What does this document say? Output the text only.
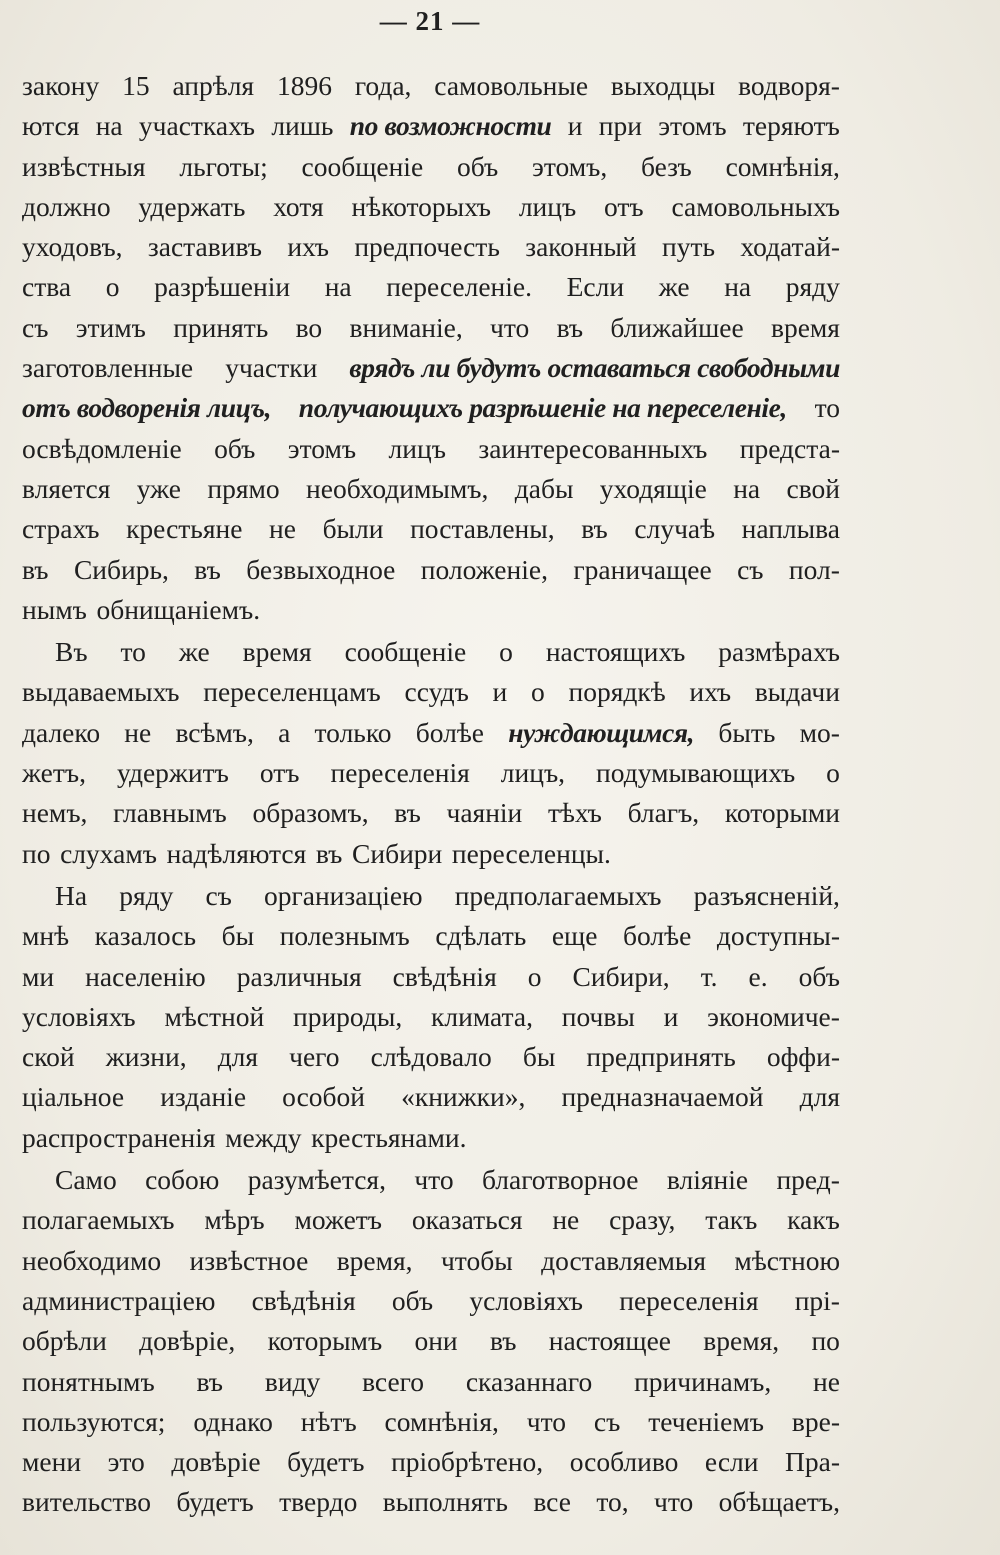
— 21 —
закону 15 апрѣля 1896 года, самовольные выходцы водворя-
ются на участкахъ лишь по возможности и при этомъ теряютъ
извѣстныя льготы; сообщеніе объ этомъ, безъ сомнѣнія,
должно удержать хотя нѣкоторыхъ лицъ отъ самовольныхъ
уходовъ, заставивъ ихъ предпочесть законный путь ходатай-
ства о разрѣшеніи на переселеніе. Если же на ряду
съ этимъ принять во вниманіе, что въ ближайшее время
заготовленные участки врядъ ли будутъ оставаться свободными
отъ водворенія лицъ, получающихъ разрѣшеніе на переселеніе, то
освѣдомленіе объ этомъ лицъ заинтересованныхъ предста-
вляется уже прямо необходимымъ, дабы уходящіе на свой
страхъ крестьяне не были поставлены, въ случаѣ наплыва
въ Сибирь, въ безвыходное положеніе, граничащее съ пол-
нымъ обнищаніемъ.
Въ то же время сообщеніе о настоящихъ размѣрахъ
выдаваемыхъ переселенцамъ ссудъ и о порядкѣ ихъ выдачи
далеко не всѣмъ, а только болѣе нуждающимся, быть мо-
жетъ, удержитъ отъ переселенія лицъ, подумывающихъ о
немъ, главнымъ образомъ, въ чаяніи тѣхъ благъ, которыми
по слухамъ надѣляются въ Сибири переселенцы.
На ряду съ организаціею предполагаемыхъ разъясненій,
мнѣ казалось бы полезнымъ сдѣлать еще болѣе доступны-
ми населенію различныя свѣдѣнія о Сибири, т. е. объ
условіяхъ мѣстной природы, климата, почвы и экономиче-
ской жизни, для чего слѣдовало бы предпринять оффи-
ціальное изданіе особой «книжки», предназначаемой для
распространенія между крестьянами.
Само собою разумѣется, что благотворное вліяніе пред-
полагаемыхъ мѣръ можетъ оказаться не сразу, такъ какъ
необходимо извѣстное время, чтобы доставляемыя мѣстною
администраціею свѣдѣнія объ условіяхъ переселенія прі-
обрѣли довѣріе, которымъ они въ настоящее время, по
понятнымъ въ виду всего сказаннаго причинамъ, не
пользуются; однако нѣтъ сомнѣнія, что съ теченіемъ вре-
мени это довѣріе будетъ пріобрѣтено, особливо если Пра-
вительство будетъ твердо выполнять все то, что обѣщаетъ,
